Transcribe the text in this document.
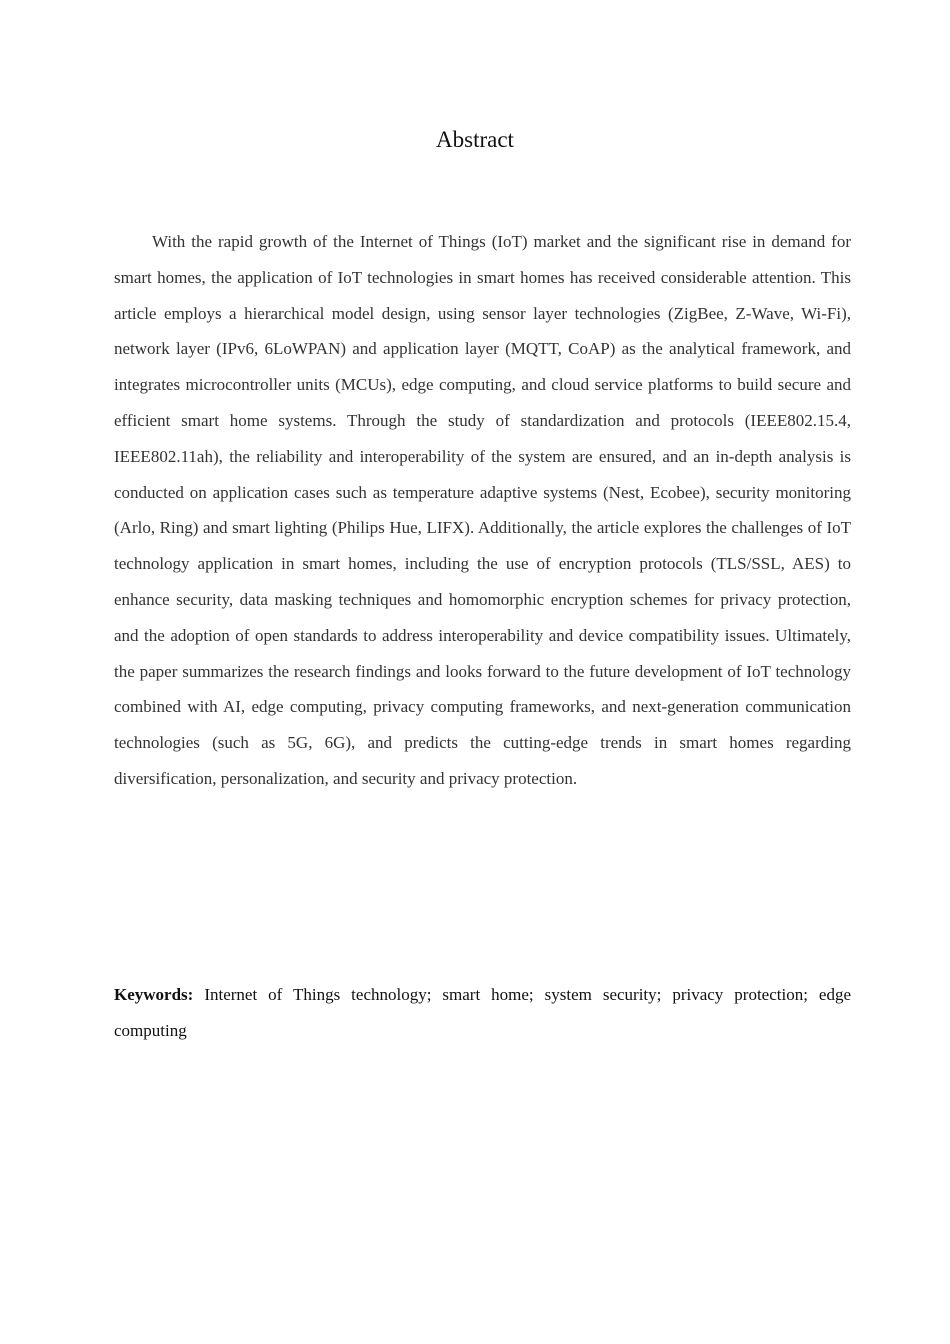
Abstract

With the rapid growth of the Internet of Things (IoT) market and the significant rise in demand for smart homes, the application of IoT technologies in smart homes has received considerable attention. This article employs a hierarchical model design, using sensor layer technologies (ZigBee, Z-Wave, Wi-Fi), network layer (IPv6, 6LoWPAN) and application layer (MQTT, CoAP) as the analytical framework, and integrates microcontroller units (MCUs), edge computing, and cloud service platforms to build secure and efficient smart home systems. Through the study of standardization and protocols (IEEE802.15.4, IEEE802.11ah), the reliability and interoperability of the system are ensured, and an in-depth analysis is conducted on application cases such as temperature adaptive systems (Nest, Ecobee), security monitoring (Arlo, Ring) and smart lighting (Philips Hue, LIFX). Additionally, the article explores the challenges of IoT technology application in smart homes, including the use of encryption protocols (TLS/SSL, AES) to enhance security, data masking techniques and homomorphic encryption schemes for privacy protection, and the adoption of open standards to address interoperability and device compatibility issues. Ultimately, the paper summarizes the research findings and looks forward to the future development of IoT technology combined with AI, edge computing, privacy computing frameworks, and next-generation communication technologies (such as 5G, 6G), and predicts the cutting-edge trends in smart homes regarding diversification, personalization, and security and privacy protection.

Keywords: Internet of Things technology; smart home; system security; privacy protection; edge computing
